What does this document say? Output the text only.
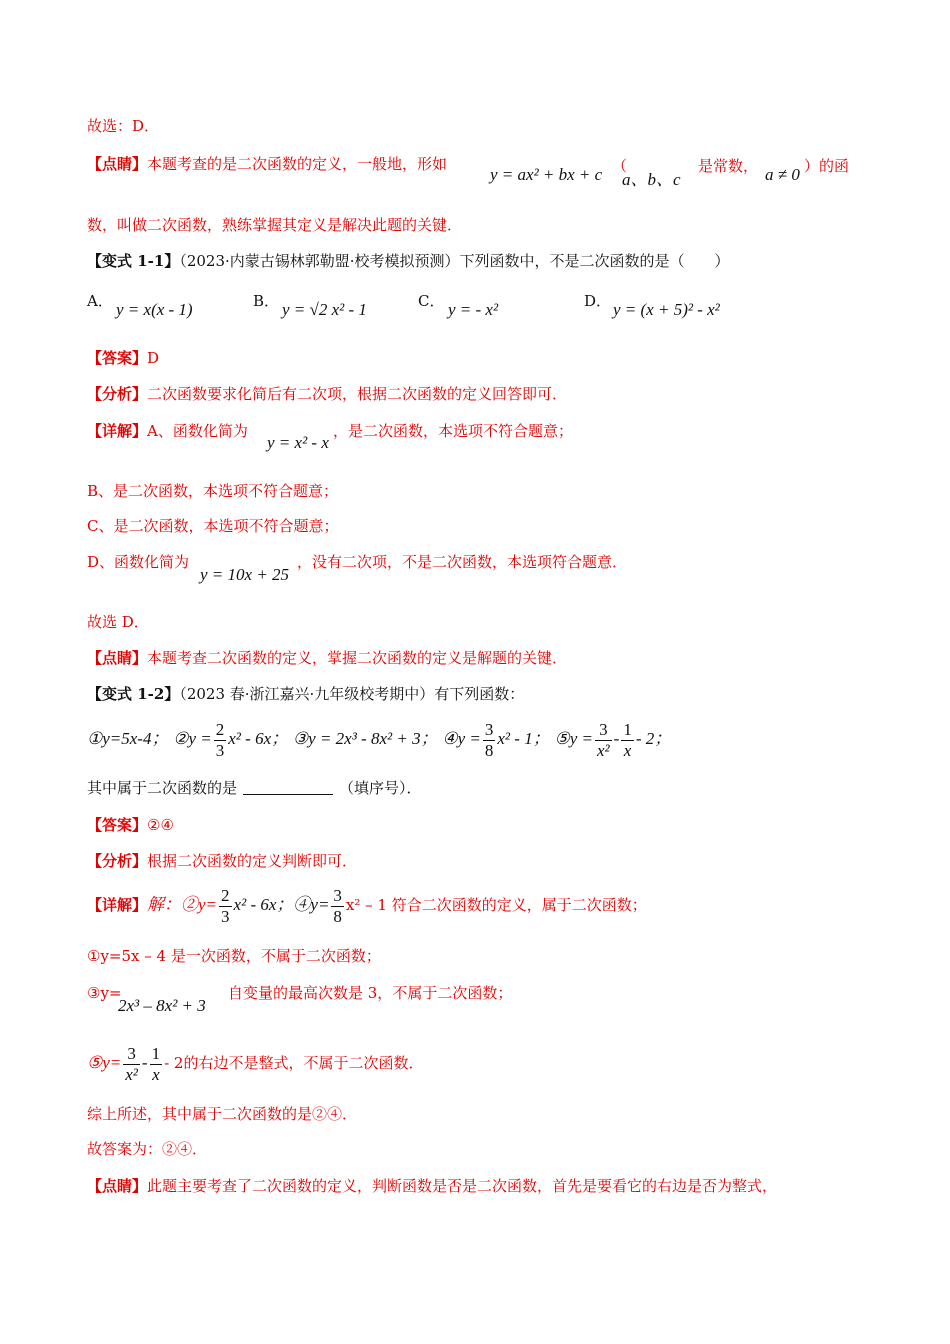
故选：D．
【点睛】本题考查的是二次函数的定义，一般地，形如
y = ax² + bx + c （
a、b、c
是常数， a ≠ 0 ）的函
数，叫做二次函数，熟练掌握其定义是解决此题的关键．
【变式 1-1】（2023·内蒙古锡林郭勒盟·校考模拟预测）下列函数中，不是二次函数的是（　　）
A． y = x(x - 1)	B． y = √2 x² - 1	C． y = - x²	D． y = (x + 5)² - x²
【答案】D
【分析】二次函数要求化简后有二次项，根据二次函数的定义回答即可．
【详解】A、函数化简为
y = x² - x
，是二次函数，本选项不符合题意；
B、是二次函数，本选项不符合题意；
C、是二次函数，本选项不符合题意；
D、函数化简为
y = 10x + 25
，没有二次项，不是二次函数，本选项符合题意．
故选 D．
【点睛】本题考查二次函数的定义，掌握二次函数的定义是解题的关键．
【变式 1-2】（2023 春·浙江嘉兴·九年级校考期中）有下列函数：
①y=5x-4； ②y = $\frac{2}{3} x^2 - 6x$； ③y = 2x³ - 8x² + 3； ④y = $\frac{3}{8} x^2 - 1$； ⑤y = $\frac{3}{\text{x²}} - \frac{1}{x} - 2$；
其中属于二次函数的是	（填序号）．
【答案】②④
【分析】根据二次函数的定义判断即可．
【详解】解：②y= $\frac{2}{3} x^2 - 6x$；④y= $\frac{3}{8} x^2 - 1$ 符合二次函数的定义，属于二次函数；
①y=5x – 4 是一次函数，不属于二次函数；
③y=
2x³ – 8x² + 3
自变量的最高次数是 3，不属于二次函数；
⑤y= $\frac{3}{\text{x²}} - \frac{1}{x} - 2$的右边不是整式，不属于二次函数．
综上所述，其中属于二次函数的是②④．
故答案为：②④．
【点睛】此题主要考查了二次函数的定义，判断函数是否是二次函数，首先是要看它的右边是否为整式，
